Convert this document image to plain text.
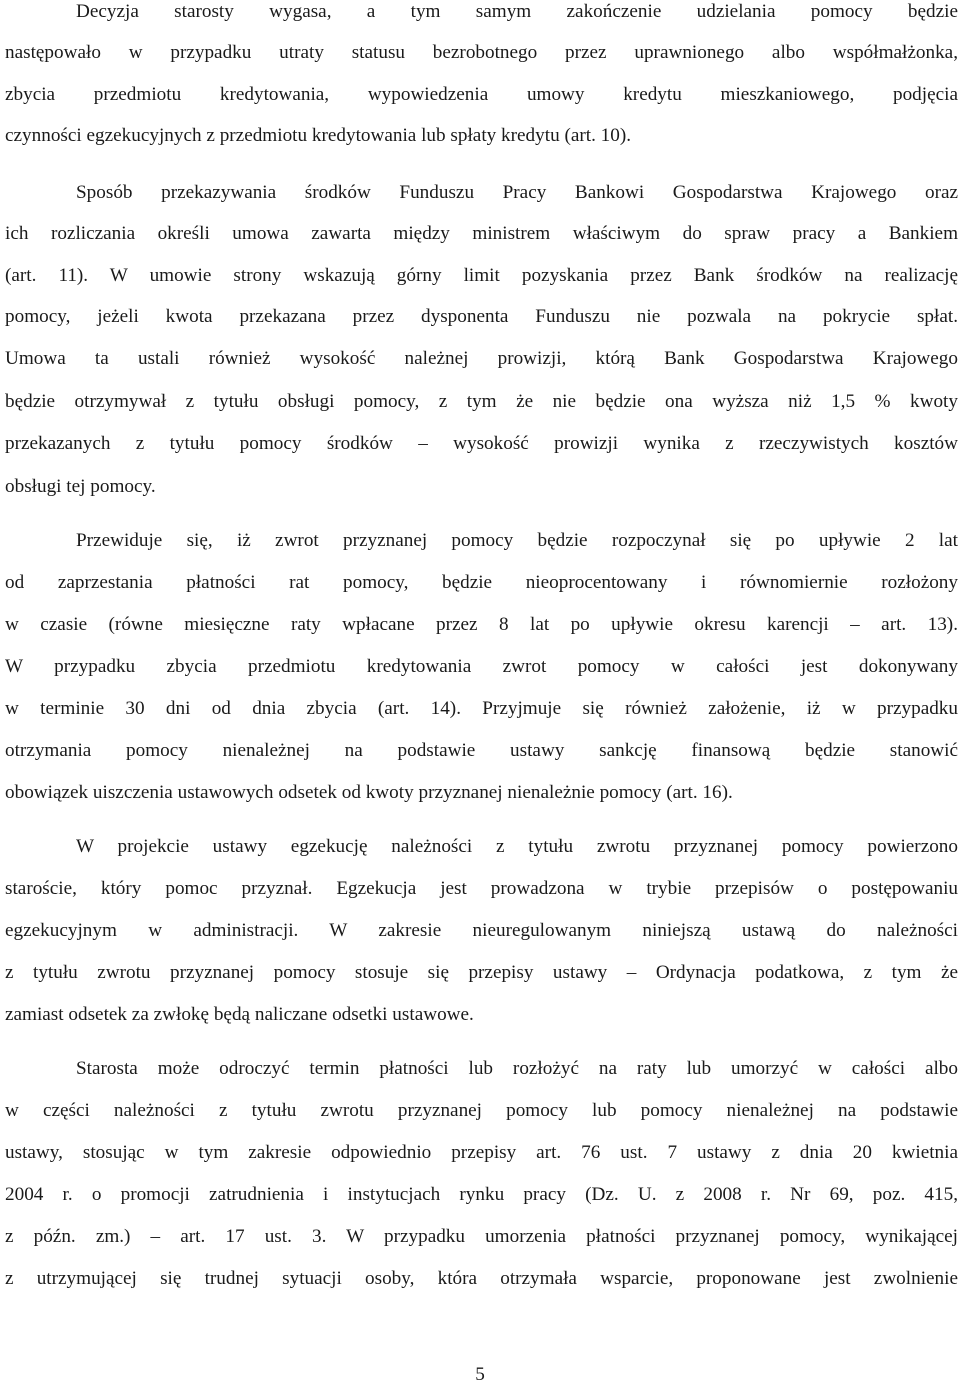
Decyzja starosty wygasa, a tym samym zakończenie udzielania pomocy będzie
następowało w przypadku utraty statusu bezrobotnego przez uprawnionego albo współmałżonka,
zbycia przedmiotu kredytowania, wypowiedzenia umowy kredytu mieszkaniowego, podjęcia
czynności egzekucyjnych z przedmiotu kredytowania lub spłaty kredytu (art. 10).
Sposób przekazywania środków Funduszu Pracy Bankowi Gospodarstwa Krajowego oraz
ich rozliczania określi umowa zawarta między ministrem właściwym do spraw pracy a Bankiem
(art. 11). W umowie strony wskazują górny limit pozyskania przez Bank środków na realizację
pomocy, jeżeli kwota przekazana przez dysponenta Funduszu nie pozwala na pokrycie spłat.
Umowa ta ustali również wysokość należnej prowizji, którą Bank Gospodarstwa Krajowego
będzie otrzymywał z tytułu obsługi pomocy, z tym że nie będzie ona wyższa niż 1,5 % kwoty
przekazanych z tytułu pomocy środków – wysokość prowizji wynika z rzeczywistych kosztów
obsługi tej pomocy.
Przewiduje się, iż zwrot przyznanej pomocy będzie rozpoczynał się po upływie 2 lat
od zaprzestania płatności rat pomocy, będzie nieoprocentowany i równomiernie rozłożony
w czasie (równe miesięczne raty wpłacane przez 8 lat po upływie okresu karencji – art. 13).
W przypadku zbycia przedmiotu kredytowania zwrot pomocy w całości jest dokonywany
w terminie 30 dni od dnia zbycia (art. 14). Przyjmuje się również założenie, iż w przypadku
otrzymania pomocy nienależnej na podstawie ustawy sankcję finansową będzie stanowić
obowiązek uiszczenia ustawowych odsetek od kwoty przyznanej nienależnie pomocy (art. 16).
W projekcie ustawy egzekucję należności z tytułu zwrotu przyznanej pomocy powierzono
staroście, który pomoc przyznał. Egzekucja jest prowadzona w trybie przepisów o postępowaniu
egzekucyjnym w administracji. W zakresie nieuregulowanym niniejszą ustawą do należności
z tytułu zwrotu przyznanej pomocy stosuje się przepisy ustawy – Ordynacja podatkowa, z tym że
zamiast odsetek za zwłokę będą naliczane odsetki ustawowe.
Starosta może odroczyć termin płatności lub rozłożyć na raty lub umorzyć w całości albo
w części należności z tytułu zwrotu przyznanej pomocy lub pomocy nienależnej na podstawie
ustawy, stosując w tym zakresie odpowiednio przepisy art. 76 ust. 7 ustawy z dnia 20 kwietnia
2004 r. o promocji zatrudnienia i instytucjach rynku pracy (Dz. U. z 2008 r. Nr 69, poz. 415,
z późn. zm.) – art. 17 ust. 3. W przypadku umorzenia płatności przyznanej pomocy, wynikającej
z utrzymującej się trudnej sytuacji osoby, która otrzymała wsparcie, proponowane jest zwolnienie
5
